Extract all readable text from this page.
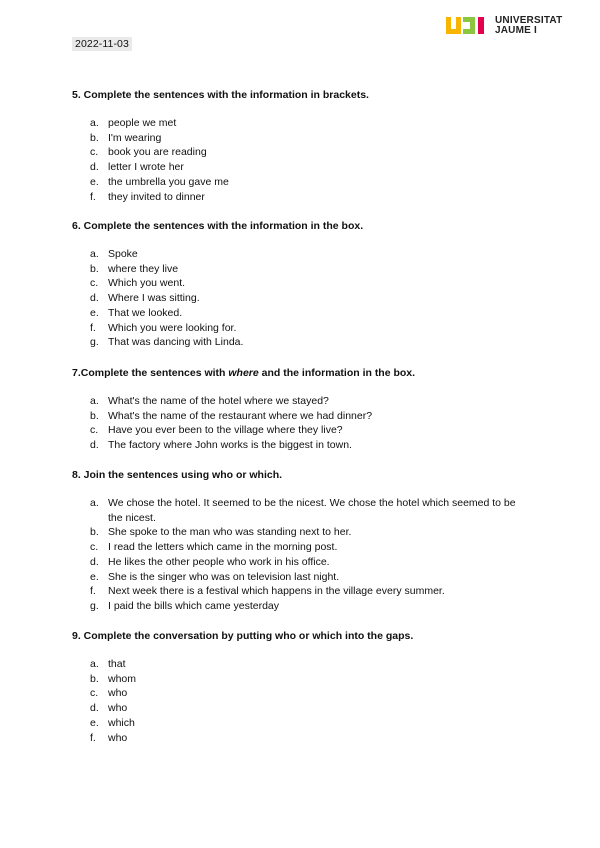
2022-11-03
UNIVERSITAT
JAUME I
5. Complete the sentences with the information in brackets.
a. people we met
b. I'm wearing
c. book you are reading
d. letter I wrote her
e. the umbrella you gave me
f. they invited to dinner
6. Complete the sentences with the information in the box.
a. Spoke
b. where they live
c. Which you went.
d. Where I was sitting.
e. That we looked.
f. Which you were looking for.
g. That was dancing with Linda.
7.Complete the sentences with where and the information in the box.
a. What's the name of the hotel where we stayed?
b. What's the name of the restaurant where we had dinner?
c. Have you ever been to the village where they live?
d. The factory where John works is the biggest in town.
8. Join the sentences using who or which.
a. We chose the hotel. It seemed to be the nicest. We chose the hotel which seemed to be the nicest.
b. She spoke to the man who was standing next to her.
c. I read the letters which came in the morning post.
d. He likes the other people who work in his office.
e. She is the singer who was on television last night.
f. Next week there is a festival which happens in the village every summer.
g. I paid the bills which came yesterday
9. Complete the conversation by putting who or which into the gaps.
a. that
b. whom
c. who
d. who
e. which
f. who
